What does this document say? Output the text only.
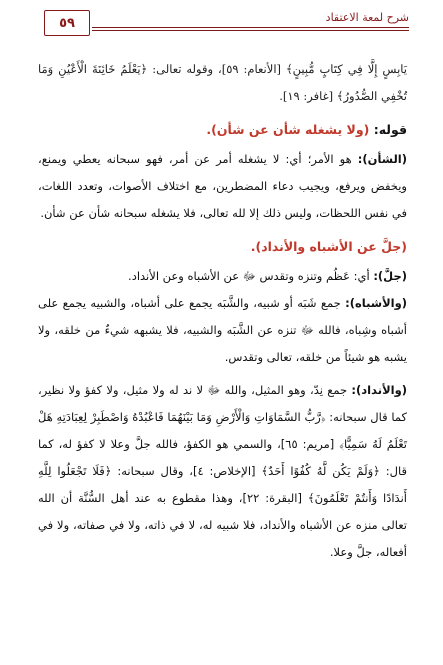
شرح لمعة الاعتقاد
٥٩

يَابِسٍ إِلَّا فِي كِتَابٍ مُّبِينٍ﴾ [الأنعام: ٥٩]، وقوله تعالى: ﴿يَعْلَمُ خَائِنَةَ الْأَعْيُنِ وَمَا تُخْفِي الصُّدُورُ﴾ [غافر: ١٩].

قوله: (ولا يشغله شأن عن شأن).

(الشأن): هو الأمر؛ أي: لا يشغله أمر عن أمر، فهو سبحانه يعطي ويمنع، ويخفض ويرفع، ويجيب دعاء المضطرين، مع اختلاف الأصوات، وتعدد اللغات، في نفس اللحظات، وليس ذلك إلا لله تعالى، فلا يشغله سبحانه شأن عن شأن.

(جلَّ عن الأشباه والأنداد).

(جلَّ): أي: عَظُم وتنزه وتقدس ﷻ عن الأشباه وعن الأنداد.

(والأشباه): جمع شَبَه أو شبيه، والشَّبَه يجمع على أشباه، والشبيه يجمع على أشباه وشِباه، فالله ﷻ تنزه عن الشَّبَه والشبيه، فلا يشبهه شيءٌ من خلقه، ولا يشبه هو شيئاً من خلقه، تعالى وتقدس.

(والأنداد): جمع نِدّ، وهو المثيل، والله ﷻ لا ند له ولا مثيل، ولا كفؤ ولا نظير، كما قال سبحانه: ﴿رَّبُّ السَّمَاوَاتِ وَالْأَرْضِ وَمَا بَيْنَهُمَا فَاعْبُدْهُ وَاصْطَبِرْ لِعِبَادَتِهِ هَلْ تَعْلَمُ لَهُ سَمِيًّا﴾ [مريم: ٦٥]، والسمي هو الكفؤ، فالله جلَّ وعلا لا كفؤ له، كما قال: ﴿وَلَمْ يَكُن لَّهُ كُفُوًا أَحَدٌ﴾ [الإخلاص: ٤]، وقال سبحانه: ﴿فَلَا تَجْعَلُوا لِلَّهِ أَندَادًا وَأَنتُمْ تَعْلَمُونَ﴾ [البقرة: ٢٢]، وهذا مقطوع به عند أهل السُّنَّة أن الله تعالى منزه عن الأشباه والأنداد، فلا شبيه له، لا في ذاته، ولا في صفاته، ولا في أفعاله، جلَّ وعلا.
